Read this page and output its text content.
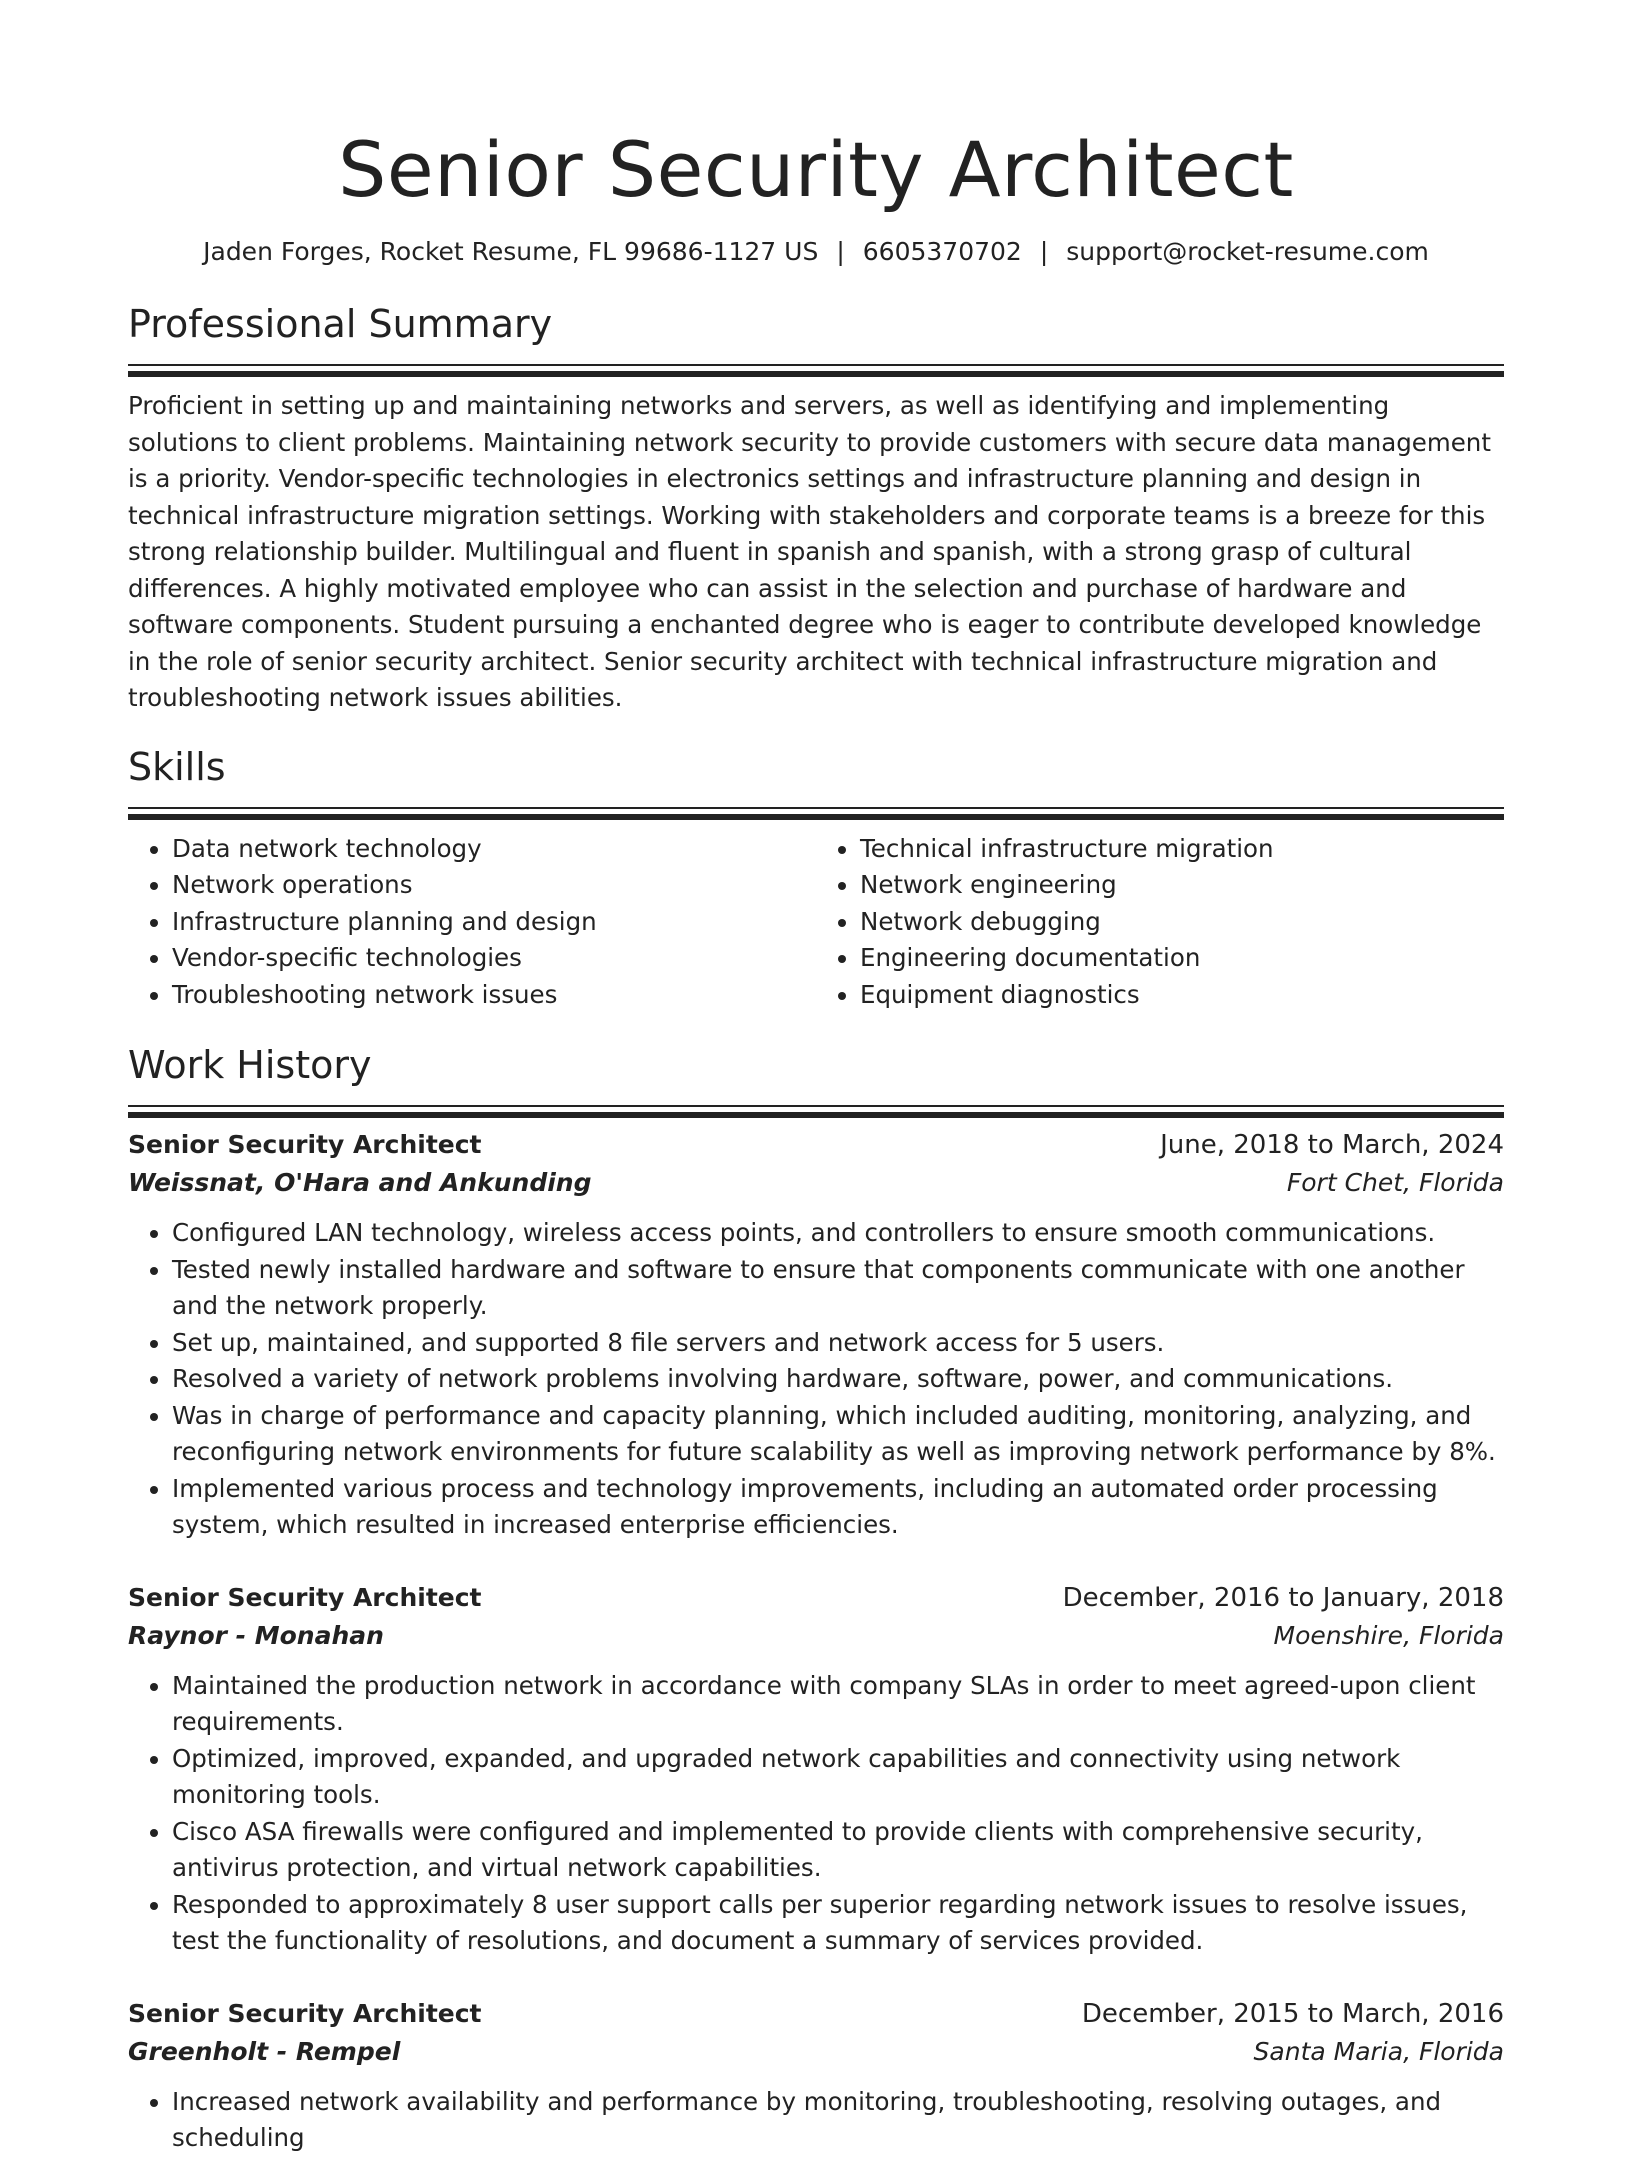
Senior Security Architect
Jaden Forges, Rocket Resume, FL 99686-1127 US | 6605370702 | support@rocket-resume.com
Professional Summary

Proficient in setting up and maintaining networks and servers, as well as identifying and implementing solutions to client problems. Maintaining network security to provide customers with secure data management is a priority. Vendor-specific technologies in electronics settings and infrastructure planning and design in technical infrastructure migration settings. Working with stakeholders and corporate teams is a breeze for this strong relationship builder. Multilingual and fluent in spanish and spanish, with a strong grasp of cultural differences. A highly motivated employee who can assist in the selection and purchase of hardware and software components. Student pursuing a enchanted degree who is eager to contribute developed knowledge in the role of senior security architect. Senior security architect with technical infrastructure migration and troubleshooting network issues abilities.

Skills
• Data network technology
• Network operations
• Infrastructure planning and design
• Vendor-specific technologies
• Troubleshooting network issues
• Technical infrastructure migration
• Network engineering
• Network debugging
• Engineering documentation
• Equipment diagnostics
Work History
Senior Security Architect	June, 2018 to March, 2024
Weissnat, O'Hara and Ankunding	Fort Chet, Florida
• Configured LAN technology, wireless access points, and controllers to ensure smooth communications.
• Tested newly installed hardware and software to ensure that components communicate with one another and the network properly.
• Set up, maintained, and supported 8 file servers and network access for 5 users.
• Resolved a variety of network problems involving hardware, software, power, and communications.
• Was in charge of performance and capacity planning, which included auditing, monitoring, analyzing, and reconfiguring network environments for future scalability as well as improving network performance by 8%.
• Implemented various process and technology improvements, including an automated order processing system, which resulted in increased enterprise efficiencies.
Senior Security Architect	December, 2016 to January, 2018
Raynor - Monahan	Moenshire, Florida
• Maintained the production network in accordance with company SLAs in order to meet agreed-upon client requirements.
• Optimized, improved, expanded, and upgraded network capabilities and connectivity using network monitoring tools.
• Cisco ASA firewalls were configured and implemented to provide clients with comprehensive security, antivirus protection, and virtual network capabilities.
• Responded to approximately 8 user support calls per superior regarding network issues to resolve issues, test the functionality of resolutions, and document a summary of services provided.
Senior Security Architect	December, 2015 to March, 2016
Greenholt - Rempel	Santa Maria, Florida
• Increased network availability and performance by monitoring, troubleshooting, resolving outages, and scheduling
